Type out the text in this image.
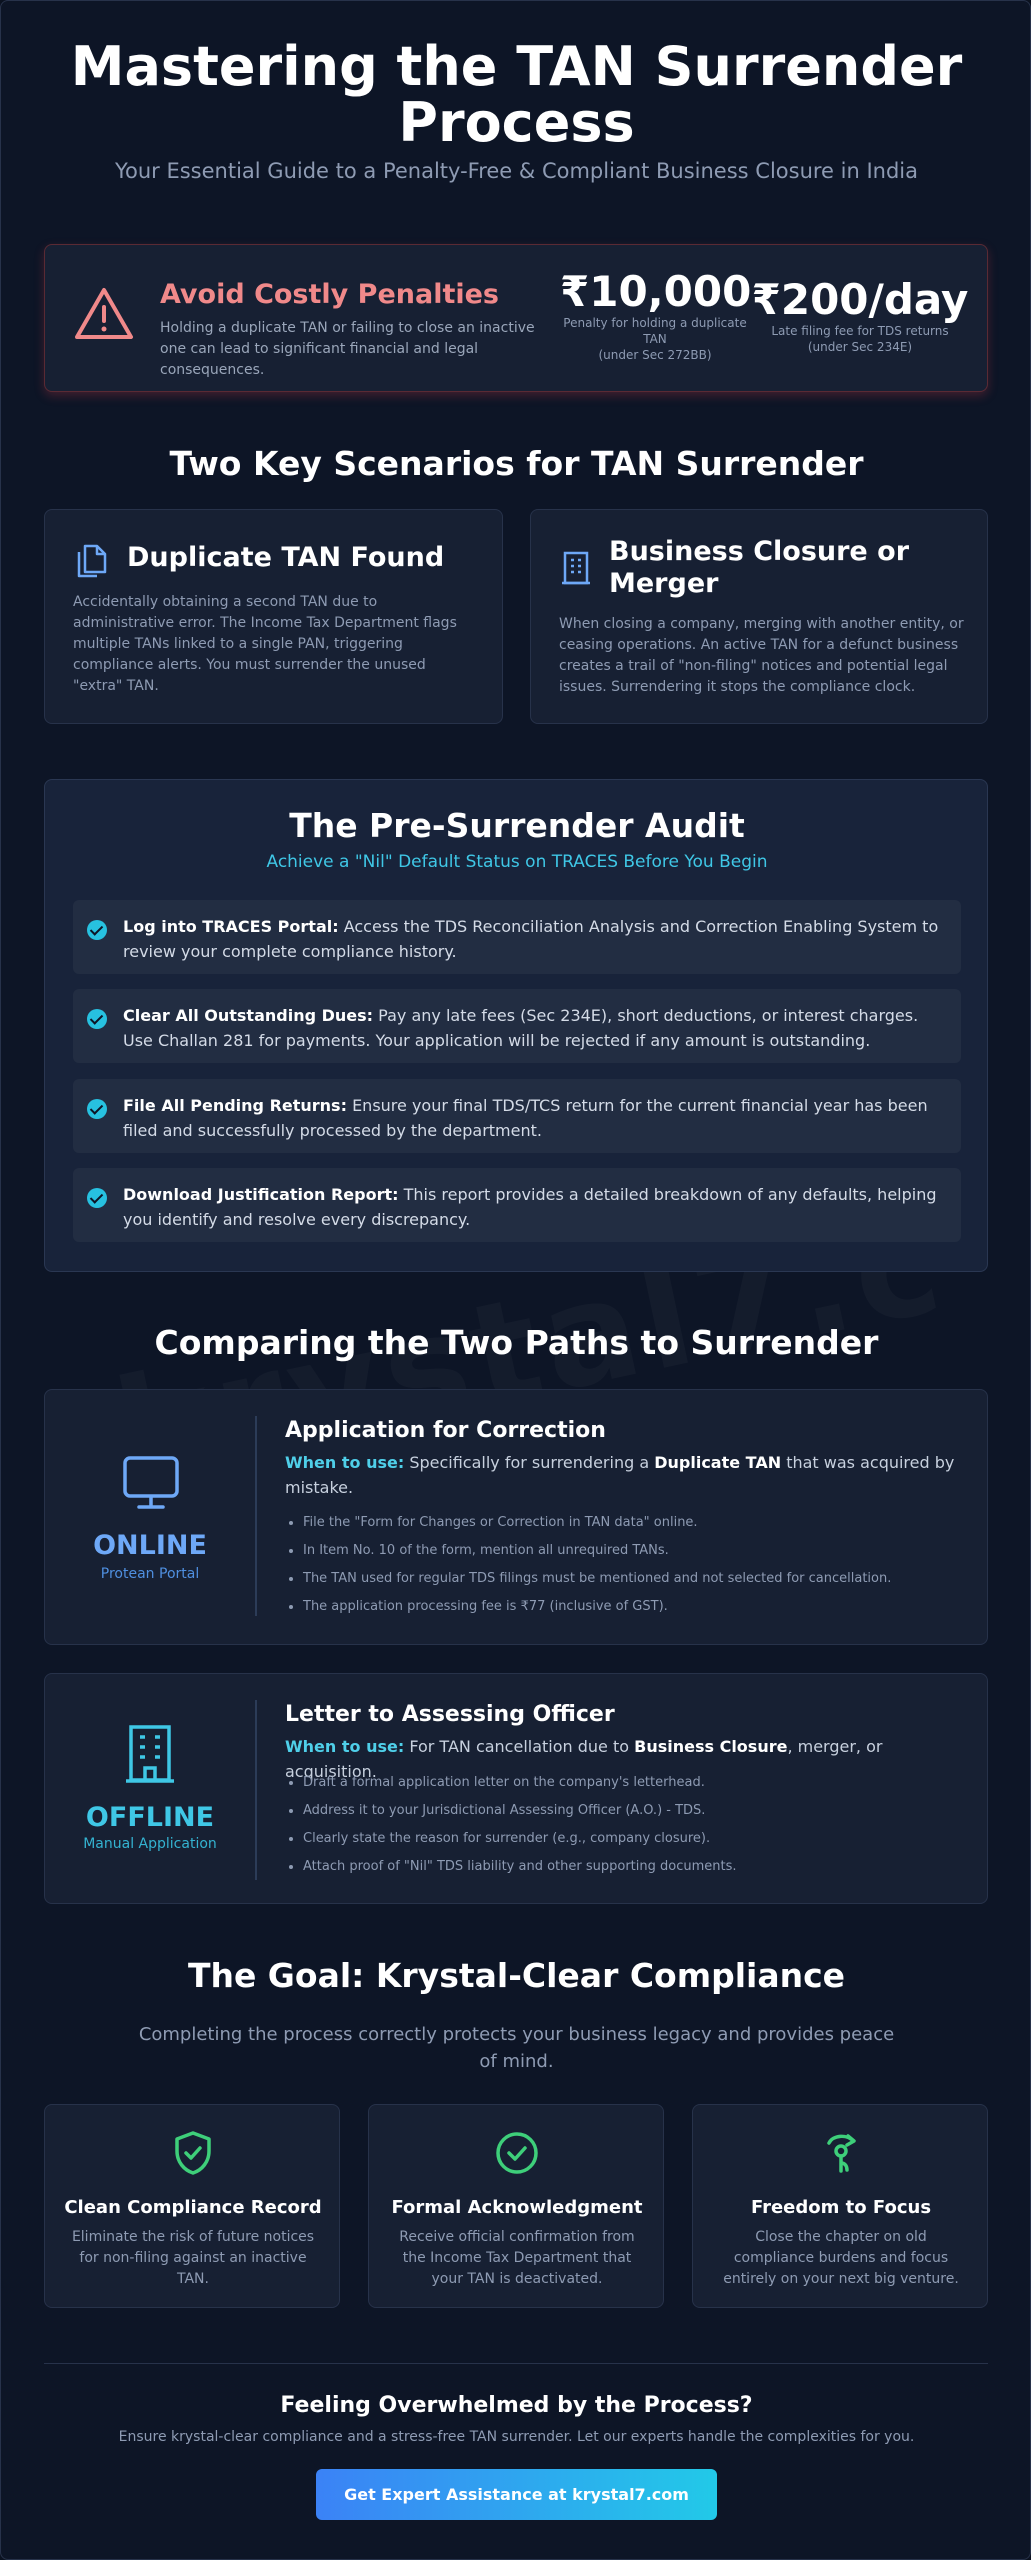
Mastering the TAN Surrender Process
Your Essential Guide to a Penalty-Free & Compliant Business Closure in India
Avoid Costly Penalties
Holding a duplicate TAN or failing to close an inactive one can lead to significant financial and legal consequences.
₹10,000
Penalty for holding a duplicate
TAN
(under Sec 272BB)
₹200/day
Late filing fee for TDS returns
(under Sec 234E)
Two Key Scenarios for TAN Surrender
Duplicate TAN Found
Accidentally obtaining a second TAN due to administrative error. The Income Tax Department flags multiple TANs linked to a single PAN, triggering compliance alerts. You must surrender the unused "extra" TAN.
Business Closure or Merger
When closing a company, merging with another entity, or ceasing operations. An active TAN for a defunct business creates a trail of "non-filing" notices and potential legal issues. Surrendering it stops the compliance clock.
The Pre-Surrender Audit
Achieve a "Nil" Default Status on TRACES Before You Begin
Log into TRACES Portal: Access the TDS Reconciliation Analysis and Correction Enabling System to review your complete compliance history.
Clear All Outstanding Dues: Pay any late fees (Sec 234E), short deductions, or interest charges. Use Challan 281 for payments. Your application will be rejected if any amount is outstanding.
File All Pending Returns: Ensure your final TDS/TCS return for the current financial year has been filed and successfully processed by the department.
Download Justification Report: This report provides a detailed breakdown of any defaults, helping you identify and resolve every discrepancy.
Comparing the Two Paths to Surrender
ONLINE
Protean Portal
Application for Correction
When to use: Specifically for surrendering a Duplicate TAN that was acquired by mistake.
• File the "Form for Changes or Correction in TAN data" online.
• In Item No. 10 of the form, mention all unrequired TANs.
• The TAN used for regular TDS filings must be mentioned and not selected for cancellation.
• The application processing fee is ₹77 (inclusive of GST).
OFFLINE
Manual Application
Letter to Assessing Officer
When to use: For TAN cancellation due to Business Closure, merger, or acquisition.
• Draft a formal application letter on the company's letterhead.
• Address it to your Jurisdictional Assessing Officer (A.O.) - TDS.
• Clearly state the reason for surrender (e.g., company closure).
• Attach proof of "Nil" TDS liability and other supporting documents.
The Goal: Krystal-Clear Compliance
Completing the process correctly protects your business legacy and provides peace of mind.
Clean Compliance Record
Eliminate the risk of future notices for non-filing against an inactive TAN.
Formal Acknowledgment
Receive official confirmation from the Income Tax Department that your TAN is deactivated.
Freedom to Focus
Close the chapter on old compliance burdens and focus entirely on your next big venture.
Feeling Overwhelmed by the Process?
Ensure krystal-clear compliance and a stress-free TAN surrender. Let our experts handle the complexities for you.
Get Expert Assistance at krystal7.com
